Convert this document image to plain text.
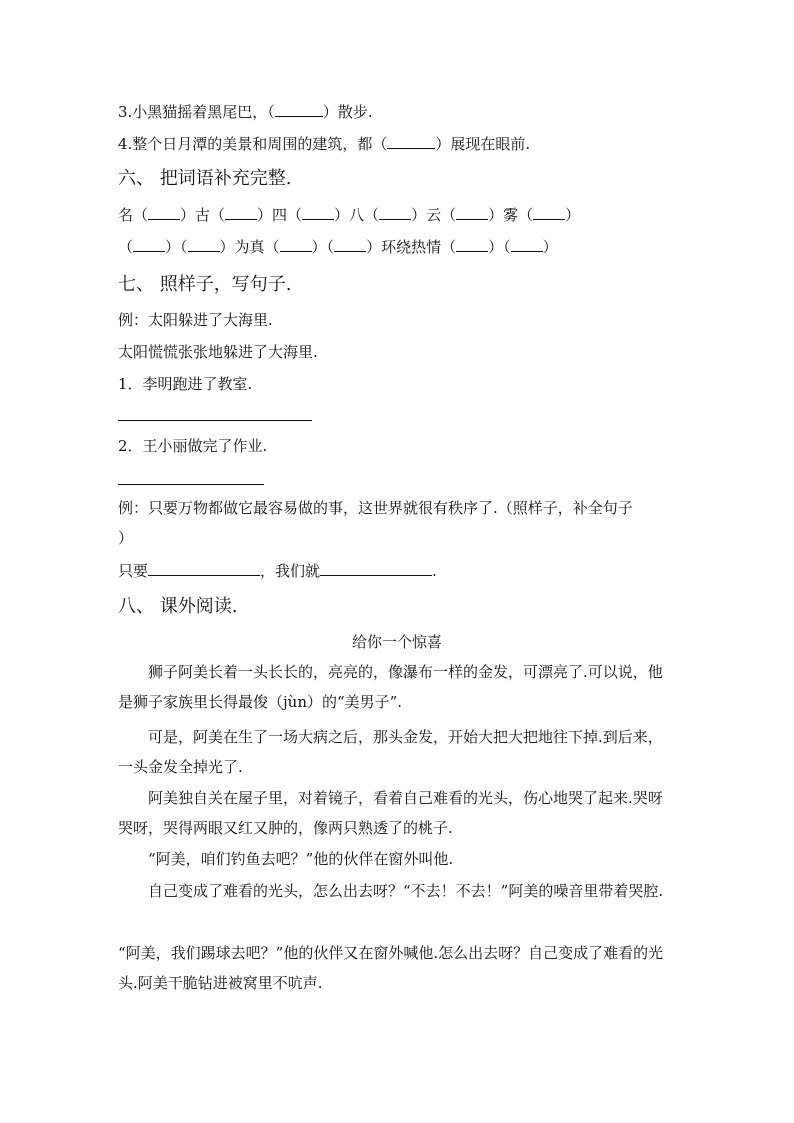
3.小黑猫摇着黑尾巴，（	）散步.
4.整个日月潭的美景和周围的建筑，都（	）展现在眼前.
六、 把词语补充完整.
名（ ）古（ ）四（ ）八（ ）云（ ）雾（ ）
（ ）（ ）为真（ ）（ ）环绕热情（ ）（ ）
七、 照样子，写句子.
例：太阳躲进了大海里.
太阳慌慌张张地躲进了大海里.
1．李明跑进了教室.
2．王小丽做完了作业.
例：只要万物都做它最容易做的事，这世界就很有秩序了.（照样子，补全句子
）
只要	，我们就	.
八、 课外阅读.
给你一个惊喜
狮子阿美长着一头长长的，亮亮的，像瀑布一样的金发，可漂亮了.可以说，他是狮子家族里长得最俊（jùn）的“美男子”.
可是，阿美在生了一场大病之后，那头金发，开始大把大把地往下掉.到后来，一头金发全掉光了.
阿美独自关在屋子里，对着镜子，看着自己难看的光头，伤心地哭了起来.哭呀哭呀，哭得两眼又红又肿的，像两只熟透了的桃子.
“阿美，咱们钓鱼去吧？”他的伙伴在窗外叫他.
自己变成了难看的光头，怎么出去呀？“不去！不去！”阿美的噪音里带着哭腔.
“阿美，我们踢球去吧？”他的伙伴又在窗外喊他.怎么出去呀？自己变成了难看的光头.阿美干脆钻进被窝里不吭声.
